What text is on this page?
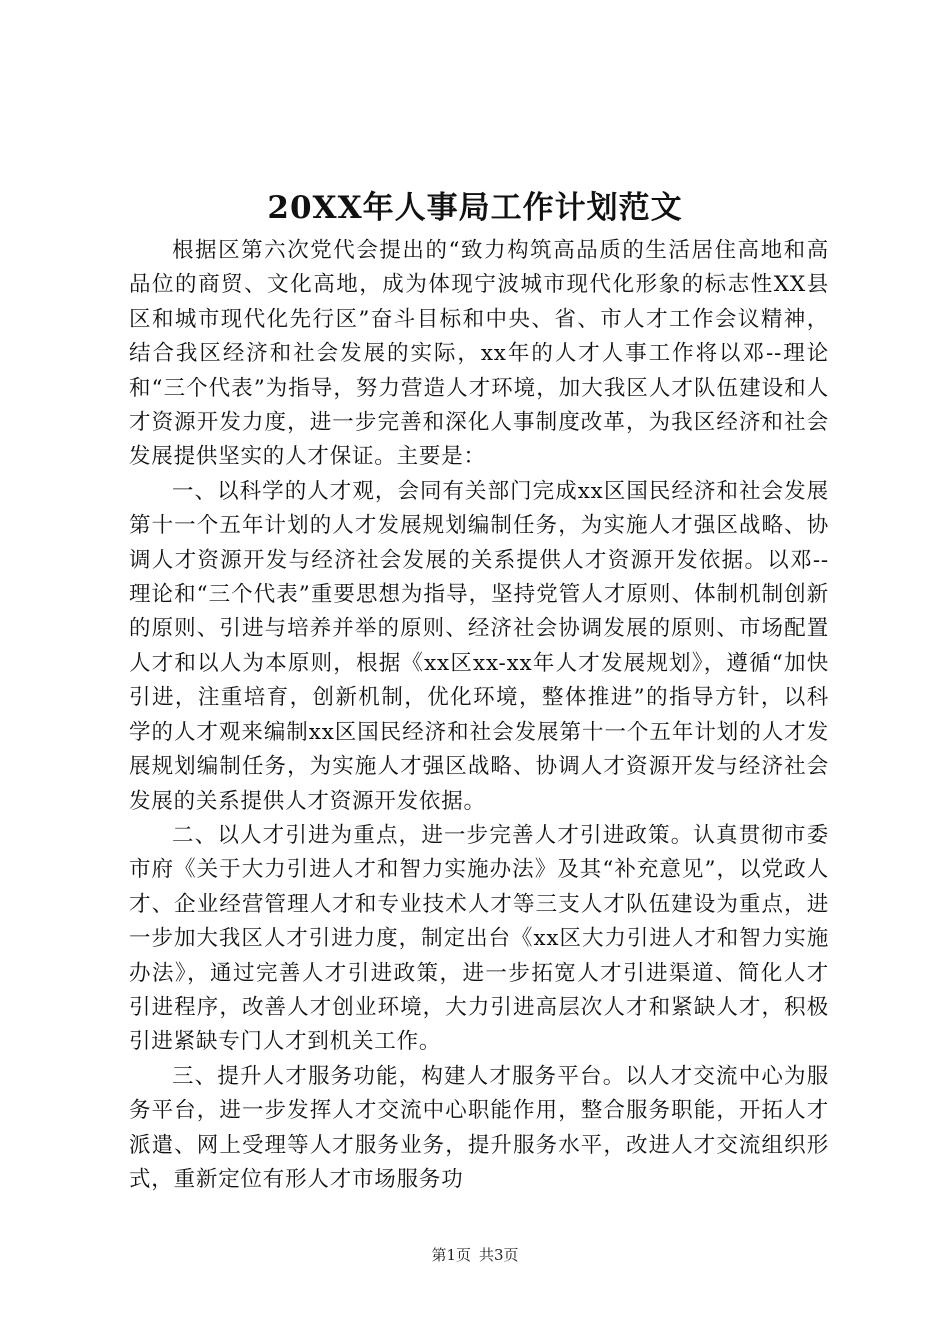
20XX年人事局工作计划范文

根据区第六次党代会提出的“致力构筑高品质的生活居住高地和高品位的商贸、文化高地，成为体现宁波城市现代化形象的标志性XX县区和城市现代化先行区”奋斗目标和中央、省、市人才工作会议精神，结合我区经济和社会发展的实际，xx年的人才人事工作将以邓--理论和“三个代表”为指导，努力营造人才环境，加大我区人才队伍建设和人才资源开发力度，进一步完善和深化人事制度改革，为我区经济和社会发展提供坚实的人才保证。主要是：

一、以科学的人才观，会同有关部门完成xx区国民经济和社会发展第十一个五年计划的人才发展规划编制任务，为实施人才强区战略、协调人才资源开发与经济社会发展的关系提供人才资源开发依据。以邓--理论和“三个代表”重要思想为指导，坚持党管人才原则、体制机制创新的原则、引进与培养并举的原则、经济社会协调发展的原则、市场配置人才和以人为本原则，根据《xx区xx-xx年人才发展规划》，遵循“加快引进，注重培育，创新机制，优化环境，整体推进”的指导方针，以科学的人才观来编制xx区国民经济和社会发展第十一个五年计划的人才发展规划编制任务，为实施人才强区战略、协调人才资源开发与经济社会发展的关系提供人才资源开发依据。

二、以人才引进为重点，进一步完善人才引进政策。认真贯彻市委市府《关于大力引进人才和智力实施办法》及其“补充意见”，以党政人才、企业经营管理人才和专业技术人才等三支人才队伍建设为重点，进一步加大我区人才引进力度，制定出台《xx区大力引进人才和智力实施办法》，通过完善人才引进政策，进一步拓宽人才引进渠道、简化人才引进程序，改善人才创业环境，大力引进高层次人才和紧缺人才，积极引进紧缺专门人才到机关工作。

三、提升人才服务功能，构建人才服务平台。以人才交流中心为服务平台，进一步发挥人才交流中心职能作用，整合服务职能，开拓人才派遣、网上受理等人才服务业务，提升服务水平，改进人才交流组织形式，重新定位有形人才市场服务功

第1页 共3页
